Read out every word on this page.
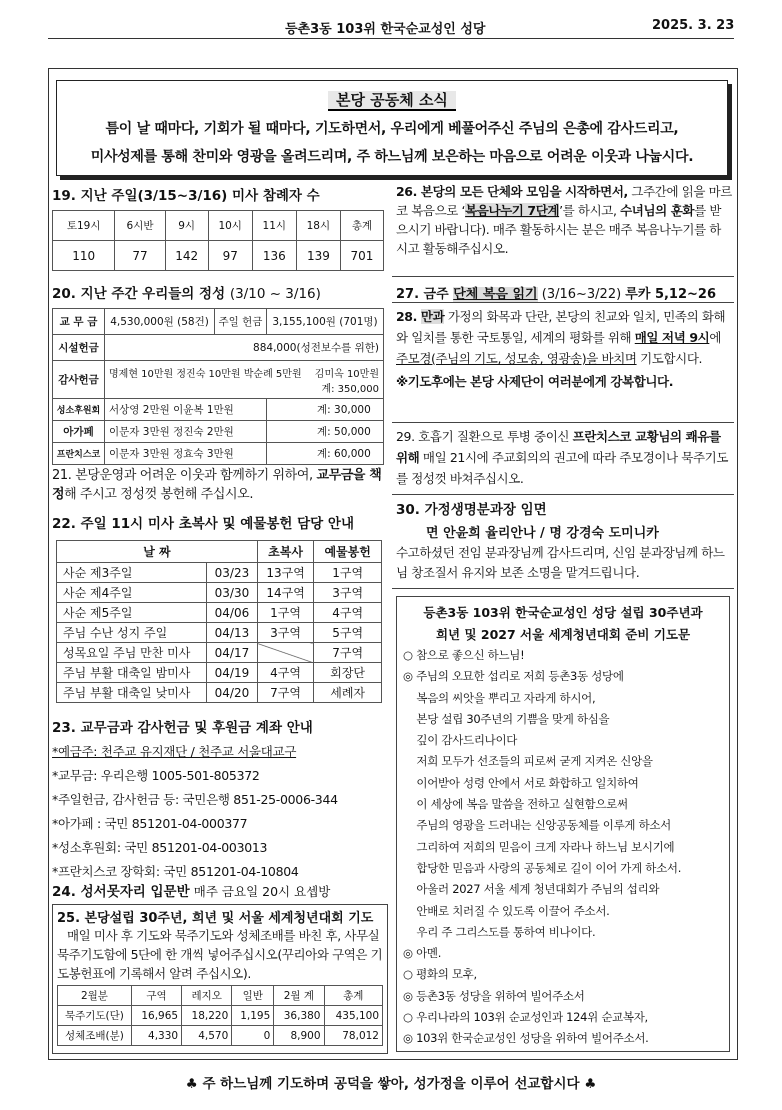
등촌3동 103위 한국순교성인 성당	2025. 3. 23
본당 공동체 소식
틈이 날 때마다, 기회가 될 때마다, 기도하면서, 우리에게 베풀어주신 주님의 은총에 감사드리고,
미사성제를 통해 찬미와 영광을 올려드리며, 주 하느님께 보은하는 마음으로 어려운 이웃과 나눕시다.
19. 지난 주일(3/15~3/16) 미사 참례자 수
토19시	6시반	9시	10시	11시	18시	총계
110	77	142	97	136	139	701
20. 지난 주간 우리들의 정성 (3/10 ~ 3/16)
교 무 금	4,530,000원 (58건)	주일 헌금	3,155,100원 (701명)
시설헌금	884,000(성전보수를 위한)		
감사헌금	명제현 10만원 정진숙 10만원 박순례 5만원 김미옥 10만원
계: 350,000		

성소후원회	서상영 2만원 이윤복 1만원		계: 30,000
아가페	이문자 3만원 정진숙 2만원		계: 50,000
프란치스코	이문자 3만원 정효숙 3만원		계: 60,000
21. 본당운영과 어려운 이웃과 함께하기 위하여, 교무금을 책정해 주시고 정성껏 봉헌해 주십시오.
22. 주일 11시 미사 초복사 및 예물봉헌 담당 안내
날 짜		초복사	예물봉헌
사순 제3주일	03/23	13구역	1구역
사순 제4주일	03/30	14구역	3구역
사순 제5주일	04/06	1구역	4구역
주님 수난 성지 주일	04/13	3구역	5구역
성목요일 주님 만찬 미사	04/17		7구역
주님 부활 대축일 밤미사	04/19	4구역	회장단
주님 부활 대축일 낮미사	04/20	7구역	세례자
23. 교무금과 감사헌금 및 후원금 계좌 안내
*예금주: 천주교 유지재단 / 천주교 서울대교구
*교무금: 우리은행 1005-501-805372
*주일헌금, 감사헌금 등: 국민은행 851-25-0006-344
*아가페 : 국민 851201-04-000377
*성소후원회: 국민 851201-04-003013
*프란치스코 장학회: 국민 851201-04-10804
24. 성서못자리 입문반 매주 금요일 20시 요셉방
25. 본당설립 30주년, 희년 및 서울 세계청년대회 기도
매일 미사 후 기도와 묵주기도와 성체조배를 바친 후, 사무실 묵주기도함에 5단에 한 개씩 넣어주십시오(꾸리아와 구역은 기도봉헌표에 기록해서 알려 주십시오).
2월분	구역	레지오	일반	2월 계	총계
묵주기도(단)	16,965	18,220	1,195	36,380	435,100
성체조배(분)	4,330	4,570	0	8,900	78,012
26. 본당의 모든 단체와 모임을 시작하면서, 그주간에 읽을 마르코 복음으로 ‘복음나누기 7단계’를 하시고, 수녀님의 훈화를 받으시기 바랍니다). 매주 활동하시는 분은 매주 복음나누기를 하시고 활동해주십시오.
27. 금주 단체 복음 읽기 (3/16~3/22) 루카 5,12~26
28. 만과 가정의 화목과 단란, 본당의 친교와 일치, 민족의 화해와 일치를 통한 국토통일, 세계의 평화를 위해 매일 저녁 9시에 주모경(주님의 기도, 성모송, 영광송)을 바치며 기도합시다.
※기도후에는 본당 사제단이 여러분에게 강복합니다.
29. 호흡기 질환으로 투병 중이신 프란치스코 교황님의 쾌유를 위해 매일 21시에 주교회의의 권고에 따라 주모경이나 묵주기도를 정성껏 바쳐주십시오.
30. 가정생명분과장 임면
면 안윤희 율리안나 / 명 강경숙 도미니카
수고하셨던 전임 분과장님께 감사드리며, 신임 분과장님께 하느님 창조질서 유지와 보존 소명을 맡겨드립니다.
등촌3동 103위 한국순교성인 성당 설립 30주년과
희년 및 2027 서울 세계청년대회 준비 기도문
○ 참으로 좋으신 하느님!
◎ 주님의 오묘한 섭리로 저희 등촌3동 성당에
복음의 씨앗을 뿌리고 자라게 하시어,
본당 설립 30주년의 기쁨을 맞게 하심을
깊이 감사드리나이다
저희 모두가 선조들의 피로써 굳게 지켜온 신앙을
이어받아 성령 안에서 서로 화합하고 일치하여
이 세상에 복음 말씀을 전하고 실현함으로써
주님의 영광을 드러내는 신앙공동체를 이루게 하소서
그리하여 저희의 믿음이 크게 자라나 하느님 보시기에
합당한 믿음과 사랑의 공동체로 길이 이어 가게 하소서.
아울러 2027 서울 세계 청년대회가 주님의 섭리와
안배로 치러질 수 있도록 이끌어 주소서.
우리 주 그리스도를 통하여 비나이다.
◎ 아멘.
○ 평화의 모후,
◎ 등촌3동 성당을 위하여 빌어주소서
○ 우리나라의 103위 순교성인과 124위 순교복자,
◎ 103위 한국순교성인 성당을 위하여 빌어주소서.
♣ 주 하느님께 기도하며 공덕을 쌓아, 성가정을 이루어 선교합시다 ♣
